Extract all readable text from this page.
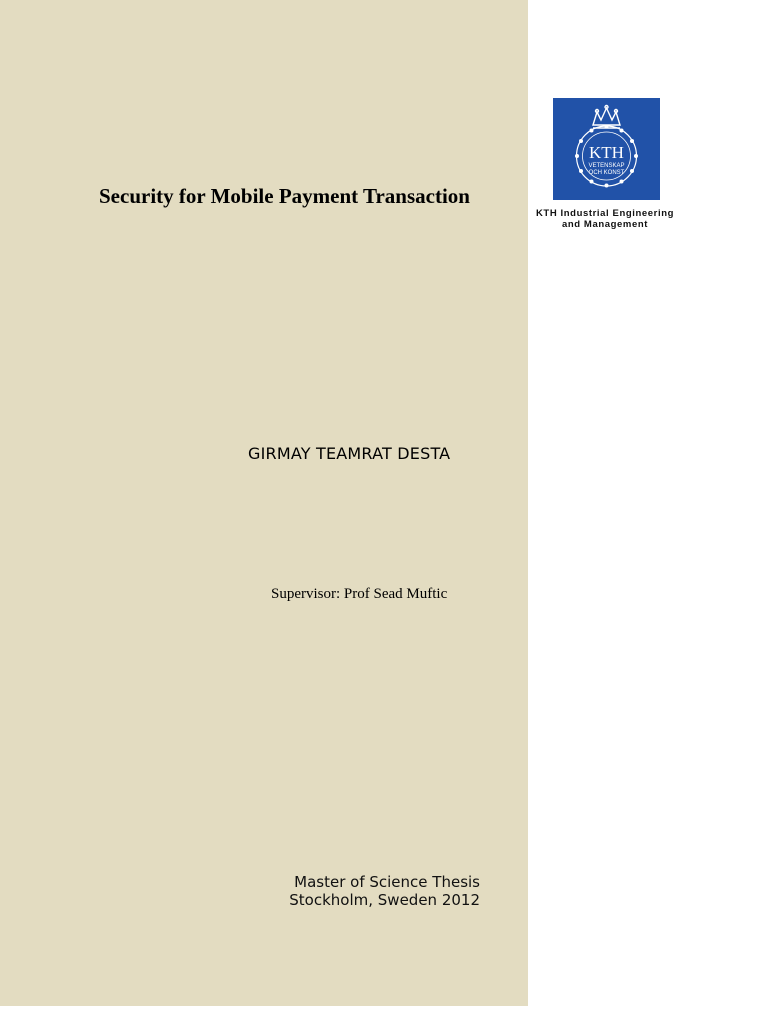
Security for Mobile Payment Transaction
GIRMAY TEAMRAT DESTA
Supervisor: Prof Sead Muftic
Master of Science Thesis
Stockholm, Sweden 2012
KTH
VETENSKAP
OCH KONST
KTH Industrial Engineering
and Management
